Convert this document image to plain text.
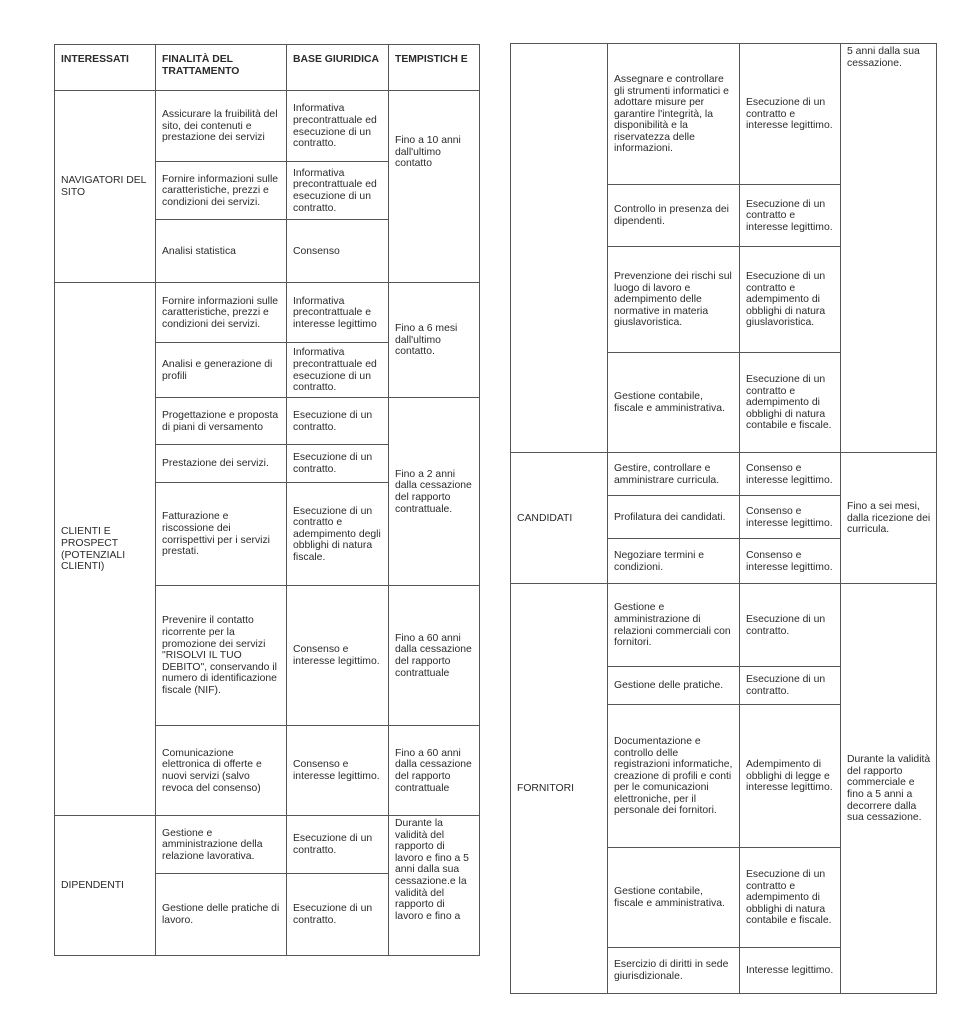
INTERESSATI	FINALITÀ DEL TRATTAMENTO	BASE GIURIDICA	TEMPISTICH E
NAVIGATORI DEL SITO	Assicurare la fruibilità del sito, dei contenuti e prestazione dei servizi	Informativa precontrattuale ed esecuzione di un contratto.	Fino a 10 anni dall'ultimo contatto
	Fornire informazioni sulle caratteristiche, prezzi e condizioni dei servizi.	Informativa precontrattuale ed esecuzione di un contratto.	
	Analisi statistica	Consenso	
CLIENTI E PROSPECT (POTENZIALI CLIENTI)	Fornire informazioni sulle caratteristiche, prezzi e condizioni dei servizi.	Informativa precontrattuale e interesse legittimo	Fino a 6 mesi dall'ultimo contatto.
	Analisi e generazione di profili	Informativa precontrattuale ed esecuzione di un contratto.	
	Progettazione e proposta di piani di versamento	Esecuzione di un contratto.	Fino a 2 anni dalla cessazione del rapporto contrattuale.
	Prestazione dei servizi.	Esecuzione di un contratto.	
	Fatturazione e riscossione dei corrispettivi per i servizi prestati.	Esecuzione di un contratto e adempimento degli obblighi di natura fiscale.	
	Prevenire il contatto ricorrente per la promozione dei servizi "RISOLVI IL TUO DEBITO", conservando il numero di identificazione fiscale (NIF).	Consenso e interesse legittimo.	Fino a 60 anni dalla cessazione del rapporto contrattuale
	Comunicazione elettronica di offerte e nuovi servizi (salvo revoca del consenso)	Consenso e interesse legittimo.	Fino a 60 anni dalla cessazione del rapporto contrattuale
DIPENDENTI	Gestione e amministrazione della relazione lavorativa.	Esecuzione di un contratto.	Durante la validità del rapporto di lavoro e fino a 5 anni dalla sua cessazione.e la validità del rapporto di lavoro e fino a
	Gestione delle pratiche di lavoro.	Esecuzione di un contratto.	
	Assegnare e controllare gli strumenti informatici e adottare misure per garantire l'integrità, la disponibilità e la riservatezza delle informazioni.	Esecuzione di un contratto e interesse legittimo.	5 anni dalla sua cessazione.
	Controllo in presenza dei dipendenti.	Esecuzione di un contratto e interesse legittimo.	
	Prevenzione dei rischi sul luogo di lavoro e adempimento delle normative in materia giuslavoristica.	Esecuzione di un contratto e adempimento di obblighi di natura giuslavoristica.	
	Gestione contabile, fiscale e amministrativa.	Esecuzione di un contratto e adempimento di obblighi di natura contabile e fiscale.	
CANDIDATI	Gestire, controllare e amministrare curricula.	Consenso e interesse legittimo.	Fino a sei mesi, dalla ricezione dei curricula.
	Profilatura dei candidati.	Consenso e interesse legittimo.	
	Negoziare termini e condizioni.	Consenso e interesse legittimo.	
FORNITORI	Gestione e amministrazione di relazioni commerciali con fornitori.	Esecuzione di un contratto.	Durante la validità del rapporto commerciale e fino a 5 anni a decorrere dalla sua cessazione.
	Gestione delle pratiche.	Esecuzione di un contratto.	
	Documentazione e controllo delle registrazioni informatiche, creazione di profili e conti per le comunicazioni elettroniche, per il personale dei fornitori.	Adempimento di obblighi di legge e interesse legittimo.	
	Gestione contabile, fiscale e amministrativa.	Esecuzione di un contratto e adempimento di obblighi di natura contabile e fiscale.	
	Esercizio di diritti in sede giurisdizionale.	Interesse legittimo.	
